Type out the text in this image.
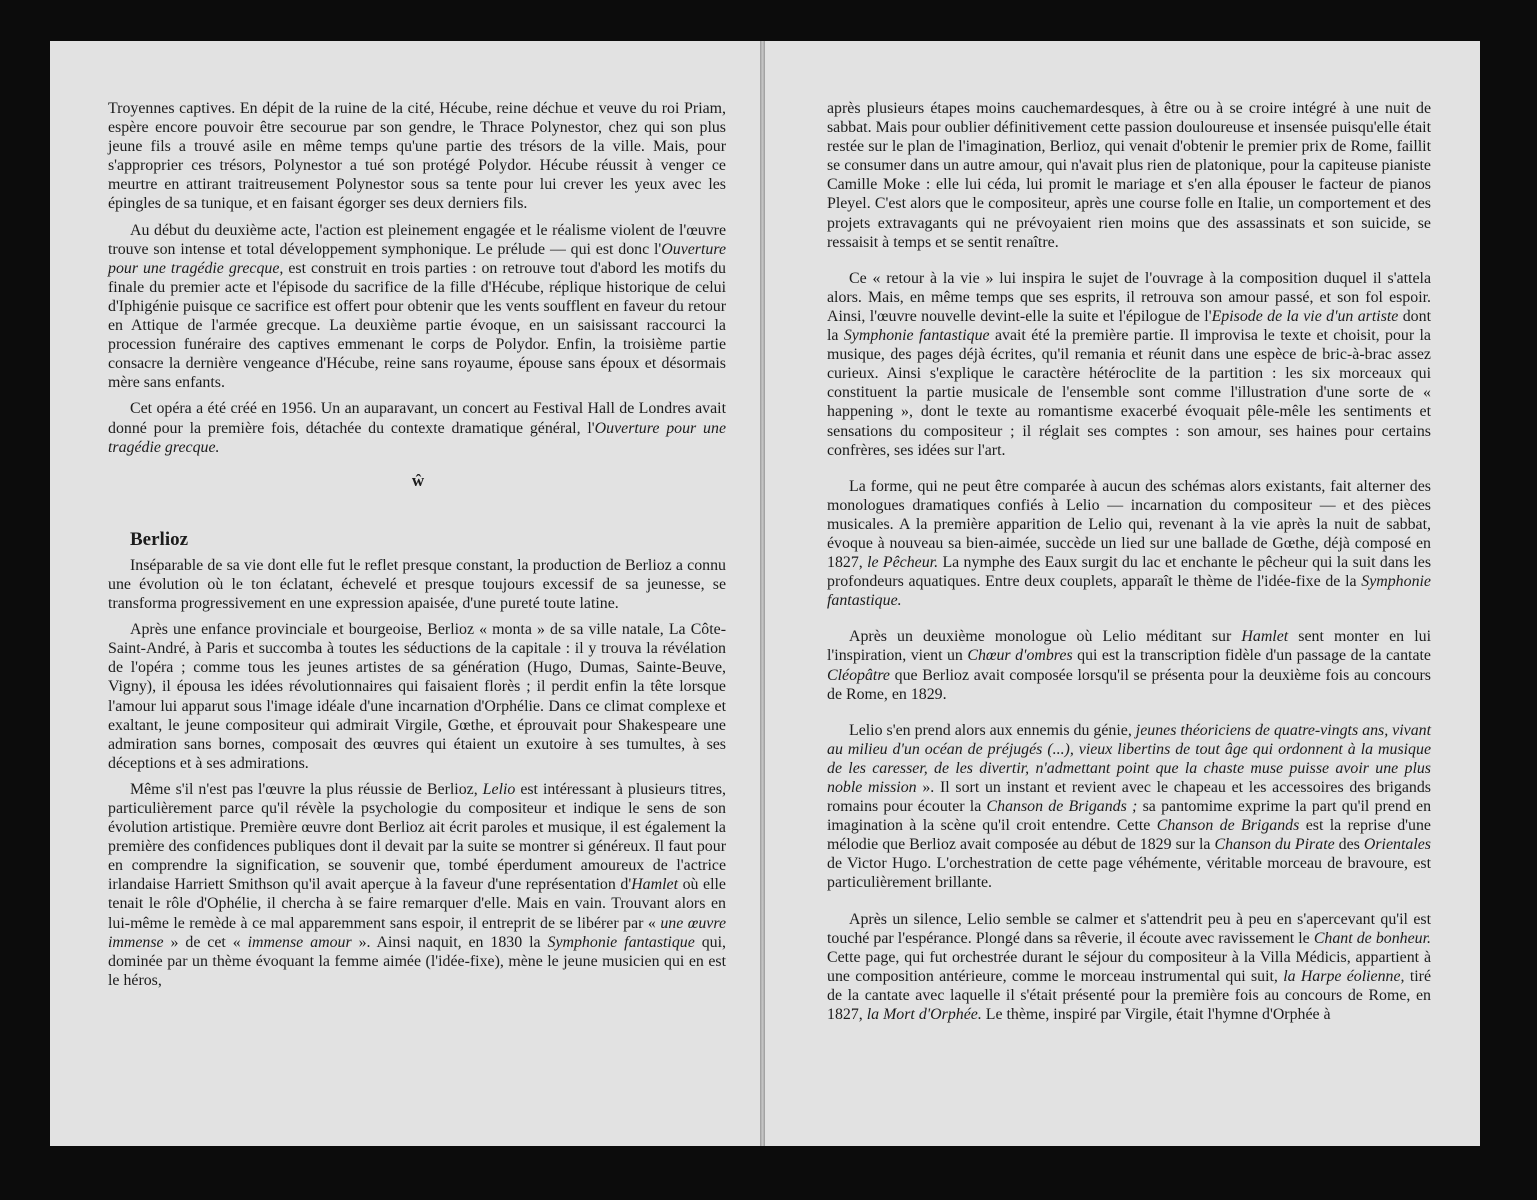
Troyennes captives. En dépit de la ruine de la cité, Hécube, reine déchue et veuve du roi Priam, espère encore pouvoir être secourue par son gendre, le Thrace Polynestor, chez qui son plus jeune fils a trouvé asile en même temps qu'une partie des trésors de la ville. Mais, pour s'approprier ces trésors, Polynestor a tué son protégé Polydor. Hécube réussit à venger ce meurtre en attirant traitreusement Polynestor sous sa tente pour lui crever les yeux avec les épingles de sa tunique, et en faisant égorger ses deux derniers fils.

Au début du deuxième acte, l'action est pleinement engagée et le réalisme violent de l'œuvre trouve son intense et total développement symphonique. Le prélude — qui est donc l'Ouverture pour une tragédie grecque, est construit en trois parties : on retrouve tout d'abord les motifs du finale du premier acte et l'épisode du sacrifice de la fille d'Hécube, réplique historique de celui d'Iphigénie puisque ce sacrifice est offert pour obtenir que les vents soufflent en faveur du retour en Attique de l'armée grecque. La deuxième partie évoque, en un saisissant raccourci la procession funéraire des captives emmenant le corps de Polydor. Enfin, la troisième partie consacre la dernière vengeance d'Hécube, reine sans royaume, épouse sans époux et désormais mère sans enfants.

Cet opéra a été créé en 1956. Un an auparavant, un concert au Festival Hall de Londres avait donné pour la première fois, détachée du contexte dramatique général, l'Ouverture pour une tragédie grecque.

ŵ

Berlioz

Inséparable de sa vie dont elle fut le reflet presque constant, la production de Berlioz a connu une évolution où le ton éclatant, échevelé et presque toujours excessif de sa jeunesse, se transforma progressivement en une expression apaisée, d'une pureté toute latine.

Après une enfance provinciale et bourgeoise, Berlioz « monta » de sa ville natale, La Côte-Saint-André, à Paris et succomba à toutes les séductions de la capitale : il y trouva la révélation de l'opéra ; comme tous les jeunes artistes de sa génération (Hugo, Dumas, Sainte-Beuve, Vigny), il épousa les idées révolutionnaires qui faisaient florès ; il perdit enfin la tête lorsque l'amour lui apparut sous l'image idéale d'une incarnation d'Orphélie. Dans ce climat complexe et exaltant, le jeune compositeur qui admirait Virgile, Gœthe, et éprouvait pour Shakespeare une admiration sans bornes, composait des œuvres qui étaient un exutoire à ses tumultes, à ses déceptions et à ses admirations.

Même s'il n'est pas l'œuvre la plus réussie de Berlioz, Lelio est intéressant à plusieurs titres, particulièrement parce qu'il révèle la psychologie du compositeur et indique le sens de son évolution artistique. Première œuvre dont Berlioz ait écrit paroles et musique, il est également la première des confidences publiques dont il devait par la suite se montrer si généreux. Il faut pour en comprendre la signification, se souvenir que, tombé éperdument amoureux de l'actrice irlandaise Harriett Smithson qu'il avait aperçue à la faveur d'une représentation d'Hamlet où elle tenait le rôle d'Ophélie, il chercha à se faire remarquer d'elle. Mais en vain. Trouvant alors en lui-même le remède à ce mal apparemment sans espoir, il entreprit de se libérer par « une œuvre immense » de cet « immense amour ». Ainsi naquit, en 1830 la Symphonie fantastique qui, dominée par un thème évoquant la femme aimée (l'idée-fixe), mène le jeune musicien qui en est le héros,

après plusieurs étapes moins cauchemardesques, à être ou à se croire intégré à une nuit de sabbat. Mais pour oublier définitivement cette passion douloureuse et insensée puisqu'elle était restée sur le plan de l'imagination, Berlioz, qui venait d'obtenir le premier prix de Rome, faillit se consumer dans un autre amour, qui n'avait plus rien de platonique, pour la capiteuse pianiste Camille Moke : elle lui céda, lui promit le mariage et s'en alla épouser le facteur de pianos Pleyel. C'est alors que le compositeur, après une course folle en Italie, un comportement et des projets extravagants qui ne prévoyaient rien moins que des assassinats et son suicide, se ressaisit à temps et se sentit renaître.

Ce « retour à la vie » lui inspira le sujet de l'ouvrage à la composition duquel il s'attela alors. Mais, en même temps que ses esprits, il retrouva son amour passé, et son fol espoir. Ainsi, l'œuvre nouvelle devint-elle la suite et l'épilogue de l'Episode de la vie d'un artiste dont la Symphonie fantastique avait été la première partie. Il improvisa le texte et choisit, pour la musique, des pages déjà écrites, qu'il remania et réunit dans une espèce de bric-à-brac assez curieux. Ainsi s'explique le caractère hétéroclite de la partition : les six morceaux qui constituent la partie musicale de l'ensemble sont comme l'illustration d'une sorte de « happening », dont le texte au romantisme exacerbé évoquait pêle-mêle les sentiments et sensations du compositeur ; il réglait ses comptes : son amour, ses haines pour certains confrères, ses idées sur l'art.

La forme, qui ne peut être comparée à aucun des schémas alors existants, fait alterner des monologues dramatiques confiés à Lelio — incarnation du compositeur — et des pièces musicales. A la première apparition de Lelio qui, revenant à la vie après la nuit de sabbat, évoque à nouveau sa bien-aimée, succède un lied sur une ballade de Gœthe, déjà composé en 1827, le Pêcheur. La nymphe des Eaux surgit du lac et enchante le pêcheur qui la suit dans les profondeurs aquatiques. Entre deux couplets, apparaît le thème de l'idée-fixe de la Symphonie fantastique.

Après un deuxième monologue où Lelio méditant sur Hamlet sent monter en lui l'inspiration, vient un Chœur d'ombres qui est la transcription fidèle d'un passage de la cantate Cléopâtre que Berlioz avait composée lorsqu'il se présenta pour la deuxième fois au concours de Rome, en 1829.

Lelio s'en prend alors aux ennemis du génie, jeunes théoriciens de quatre-vingts ans, vivant au milieu d'un océan de préjugés (...), vieux libertins de tout âge qui ordonnent à la musique de les caresser, de les divertir, n'admettant point que la chaste muse puisse avoir une plus noble mission ». Il sort un instant et revient avec le chapeau et les accessoires des brigands romains pour écouter la Chanson de Brigands ; sa pantomime exprime la part qu'il prend en imagination à la scène qu'il croit entendre. Cette Chanson de Brigands est la reprise d'une mélodie que Berlioz avait composée au début de 1829 sur la Chanson du Pirate des Orientales de Victor Hugo. L'orchestration de cette page véhémente, véritable morceau de bravoure, est particulièrement brillante.

Après un silence, Lelio semble se calmer et s'attendrit peu à peu en s'apercevant qu'il est touché par l'espérance. Plongé dans sa rêverie, il écoute avec ravissement le Chant de bonheur. Cette page, qui fut orchestrée durant le séjour du compositeur à la Villa Médicis, appartient à une composition antérieure, comme le morceau instrumental qui suit, la Harpe éolienne, tiré de la cantate avec laquelle il s'était présenté pour la première fois au concours de Rome, en 1827, la Mort d'Orphée. Le thème, inspiré par Virgile, était l'hymne d'Orphée à
